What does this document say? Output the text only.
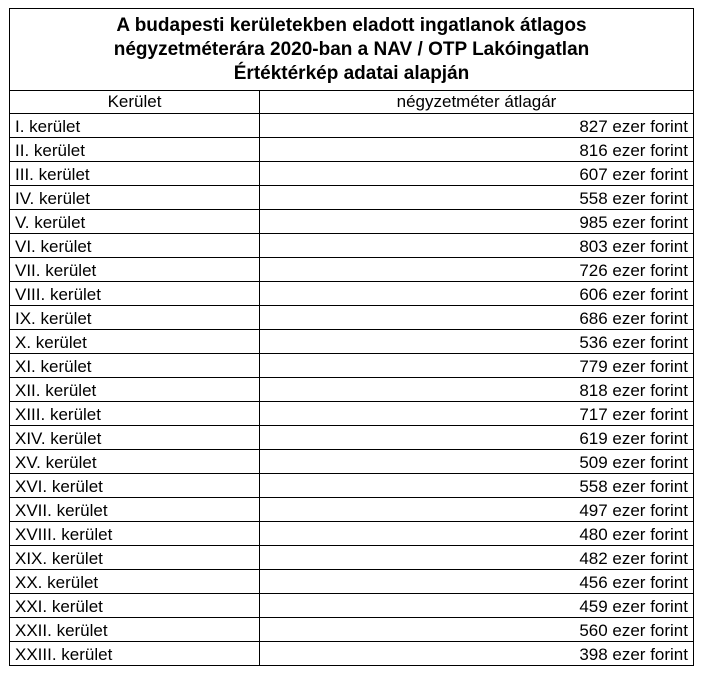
A budapesti kerületekben eladott ingatlanok átlagos
négyzetméterára 2020-ban a NAV / OTP Lakóingatlan
Értéktérkép adatai alapján	

Kerület	négyzetméter átlagár
I. kerület	827 ezer forint
II. kerület	816 ezer forint
III. kerület	607 ezer forint
IV. kerület	558 ezer forint
V. kerület	985 ezer forint
VI. kerület	803 ezer forint
VII. kerület	726 ezer forint
VIII. kerület	606 ezer forint
IX. kerület	686 ezer forint
X. kerület	536 ezer forint
XI. kerület	779 ezer forint
XII. kerület	818 ezer forint
XIII. kerület	717 ezer forint
XIV. kerület	619 ezer forint
XV. kerület	509 ezer forint
XVI. kerület	558 ezer forint
XVII. kerület	497 ezer forint
XVIII. kerület	480 ezer forint
XIX. kerület	482 ezer forint
XX. kerület	456 ezer forint
XXI. kerület	459 ezer forint
XXII. kerület	560 ezer forint
XXIII. kerület	398 ezer forint
